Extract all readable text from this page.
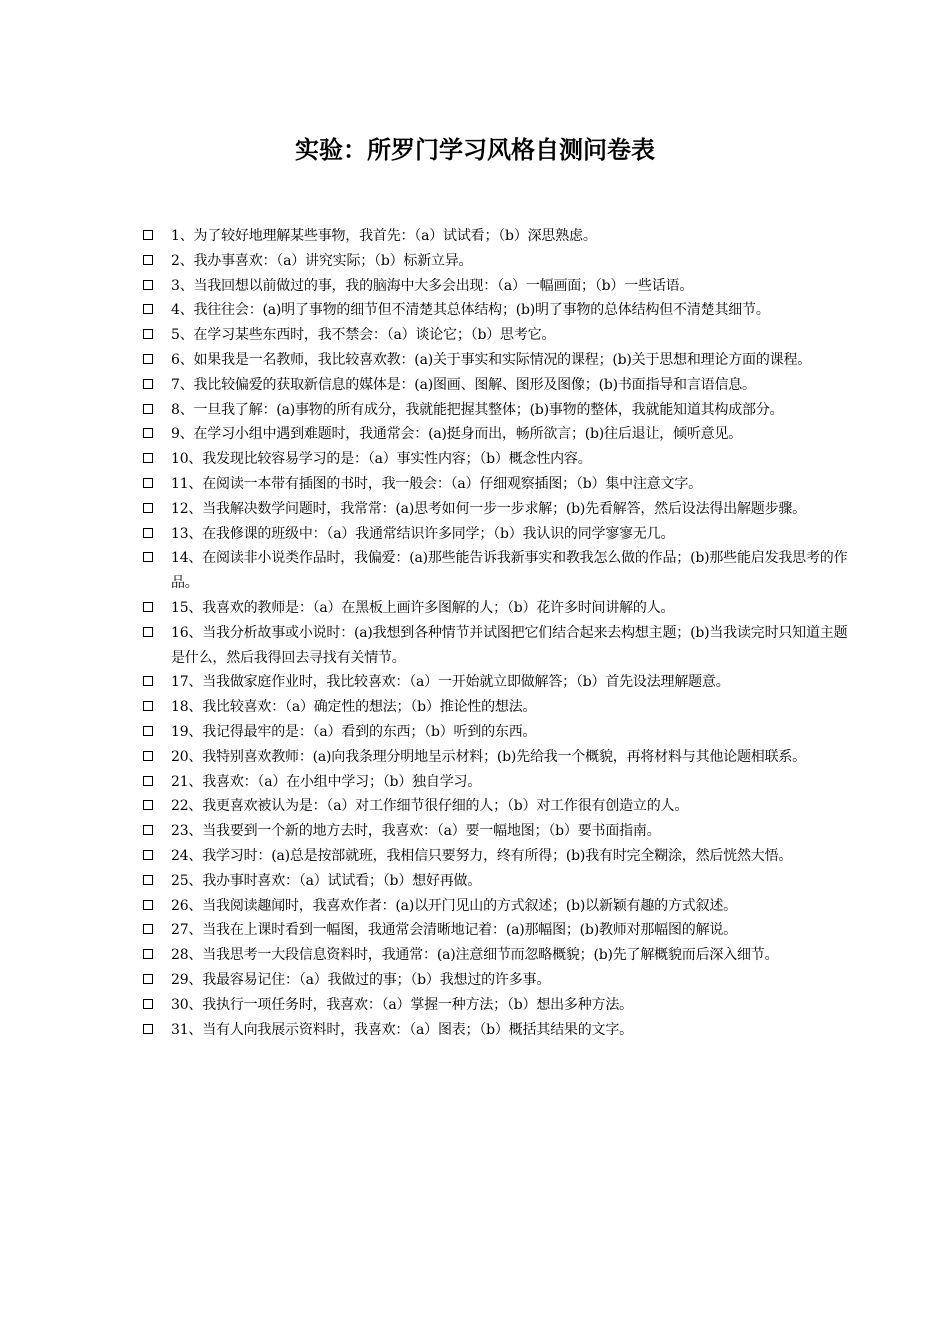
实验：所罗门学习风格自测问卷表
1、为了较好地理解某些事物，我首先：（a）试试看；（b）深思熟虑。
2、我办事喜欢：（a）讲究实际；（b）标新立异。
3、当我回想以前做过的事，我的脑海中大多会出现：（a）一幅画面；（b）一些话语。
4、我往往会：(a)明了事物的细节但不清楚其总体结构；(b)明了事物的总体结构但不清楚其细节。
5、在学习某些东西时，我不禁会：（a）谈论它；（b）思考它。
6、如果我是一名教师，我比较喜欢教：(a)关于事实和实际情况的课程；(b)关于思想和理论方面的课程。
7、我比较偏爱的获取新信息的媒体是：(a)图画、图解、图形及图像；(b)书面指导和言语信息。
8、一旦我了解：(a)事物的所有成分，我就能把握其整体；(b)事物的整体，我就能知道其构成部分。
9、在学习小组中遇到难题时，我通常会：(a)挺身而出，畅所欲言；(b)往后退让，倾听意见。
10、我发现比较容易学习的是：（a）事实性内容；（b）概念性内容。
11、在阅读一本带有插图的书时，我一般会：（a）仔细观察插图；（b）集中注意文字。
12、当我解决数学问题时，我常常：(a)思考如何一步一步求解；(b)先看解答，然后设法得出解题步骤。
13、在我修课的班级中：（a）我通常结识许多同学；（b）我认识的同学寥寥无几。
14、在阅读非小说类作品时，我偏爱：(a)那些能告诉我新事实和教我怎么做的作品；(b)那些能启发我思考的作品。
15、我喜欢的教师是：（a）在黑板上画许多图解的人；（b）花许多时间讲解的人。
16、当我分析故事或小说时：(a)我想到各种情节并试图把它们结合起来去构想主题；(b)当我读完时只知道主题是什么，然后我得回去寻找有关情节。
17、当我做家庭作业时，我比较喜欢：（a）一开始就立即做解答；（b）首先设法理解题意。
18、我比较喜欢：（a）确定性的想法；（b）推论性的想法。
19、我记得最牢的是：（a）看到的东西；（b）听到的东西。
20、我特别喜欢教师：(a)向我条理分明地呈示材料；(b)先给我一个概貌，再将材料与其他论题相联系。
21、我喜欢：（a）在小组中学习；（b）独自学习。
22、我更喜欢被认为是：（a）对工作细节很仔细的人；（b）对工作很有创造立的人。
23、当我要到一个新的地方去时，我喜欢：（a）要一幅地图；（b）要书面指南。
24、我学习时：(a)总是按部就班，我相信只要努力，终有所得；(b)我有时完全糊涂，然后恍然大悟。
25、我办事时喜欢：（a）试试看；（b）想好再做。
26、当我阅读趣闻时，我喜欢作者：(a)以开门见山的方式叙述；(b)以新颖有趣的方式叙述。
27、当我在上课时看到一幅图，我通常会清晰地记着：(a)那幅图；(b)教师对那幅图的解说。
28、当我思考一大段信息资料时，我通常：(a)注意细节而忽略概貌；(b)先了解概貌而后深入细节。
29、我最容易记住：（a）我做过的事；（b）我想过的许多事。
30、我执行一项任务时，我喜欢：（a）掌握一种方法；（b）想出多种方法。
31、当有人向我展示资料时，我喜欢：（a）图表；（b）概括其结果的文字。
